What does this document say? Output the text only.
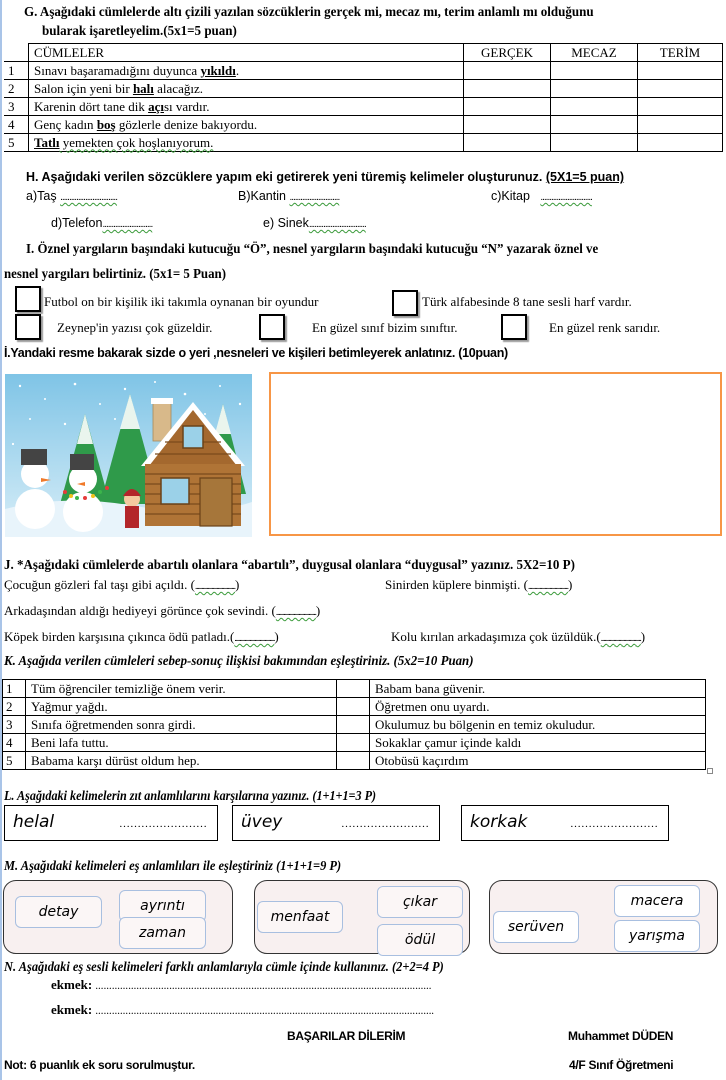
G. Aşağıdaki cümlelerde altı çizili yazılan sözcüklerin gerçek mi, mecaz mı, terim anlamlı mı olduğunu
bularak işaretleyelim.(5x1=5 puan)
	CÜMLELER	GERÇEK	MECAZ	TERİM
1	Sınavı başaramadığını duyunca yıkıldı.			
2	Salon için yeni bir halı alacağız.			
3	Karenin dört tane dik açısı vardır.			
4	Genç kadın boş gözlerle denize bakıyordu.			
5	Tatlı yemekten çok hoşlanıyorum.			
H. Aşağıdaki verilen sözcüklere yapım eki getirerek yeni türemiş kelimeler oluşturunuz. (5X1=5 puan)
a)Taş ................................	B)Kantin ............................	c)Kitap .............................
d)Telefon............................	e) Sinek................................
I. Öznel yargıların başındaki kutucuğu “Ö”, nesnel yargıların başındaki kutucuğu “N” yazarak öznel ve
nesnel yargıları belirtiniz. (5x1= 5 Puan)
Futbol on bir kişilik iki takımla oynanan bir oyundur	Türk alfabesinde 8 tane sesli harf vardır.
Zeynep'in yazısı çok güzeldir.	En güzel sınıf bizim sınıftır.	En güzel renk sarıdır.
İ.Yandaki resme bakarak sizde o yeri ,nesneleri ve kişileri betimleyerek anlatınız. (10puan)
J. *Aşağıdaki cümlelerde abartılı olanlara “abartılı”, duygusal olanlara “duygusal” yazınız. 5X2=10 P)
Çocuğun gözleri fal taşı gibi açıldı. (................................)	Sinirden küplere binmişti. (................................)
Arkadaşından aldığı hediyeyi görünce çok sevindi. (................................)
Köpek birden karşısına çıkınca ödü patladı.(................................)	Kolu kırılan arkadaşımıza çok üzüldük.(................................)
K. Aşağıda verilen cümleleri sebep-sonuç ilişkisi bakımından eşleştiriniz. (5x2=10 Puan)
1	Tüm öğrenciler temizliğe önem verir.		Babam bana güvenir.
2	Yağmur yağdı.		Öğretmen onu uyardı.
3	Sınıfa öğretmenden sonra girdi.		Okulumuz bu bölgenin en temiz okuludur.
4	Beni lafa tuttu.		Sokaklar çamur içinde kaldı
5	Babama karşı dürüst oldum hep.		Otobüsü kaçırdım
L. Aşağıdaki kelimelerin zıt anlamlılarını karşılarına yazınız. (1+1+1=3 P)
helal	…………………… üvey	…………………… korkak	……………………
M. Aşağıdaki kelimeleri eş anlamlıları ile eşleştiriniz (1+1+1=9 P)
detay	ayrıntı
zaman
menfaat
çıkar
ödül
serüven
macera
yarışma
N. Aşağıdaki eş sesli kelimeleri farklı anlamlarıyla cümle içinde kullanınız. (2+2=4 P)
ekmek: ……………………………………………………………………………………………………………
ekmek: …………………………………………………………………………………………………………….
BAŞARILAR DİLERİM	Muhammet DÜDEN
Not: 6 puanlık ek soru sorulmuştur.	4/F Sınıf Öğretmeni
